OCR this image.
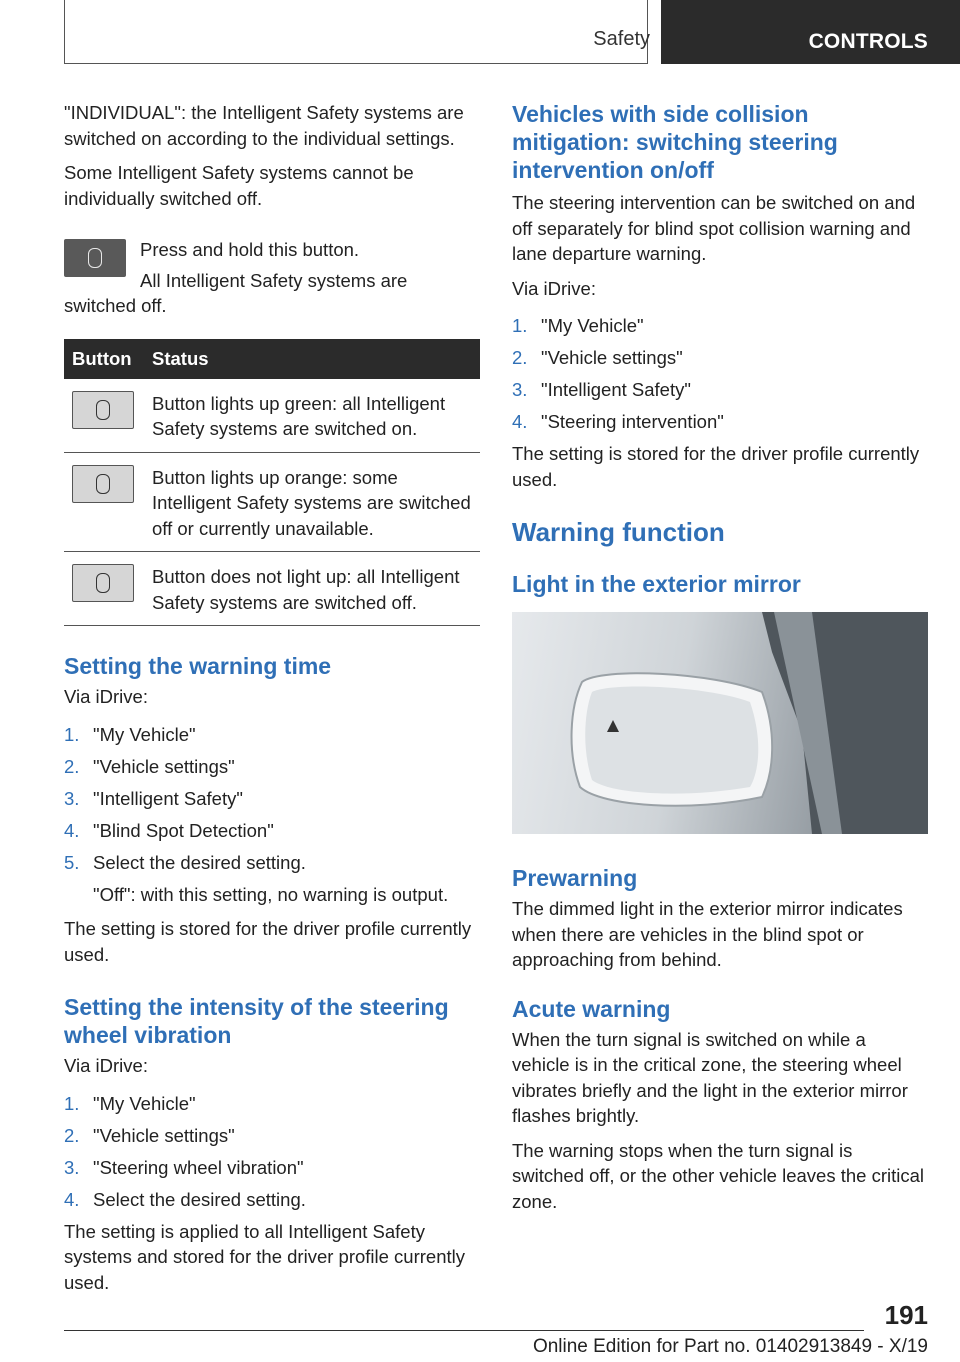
Safety	CONTROLS

"INDIVIDUAL": the Intelligent Safety systems are switched on according to the individual settings.

Some Intelligent Safety systems cannot be individually switched off.

Press and hold this button.

All Intelligent Safety systems are switched off.

Button	Status
	Button lights up green: all Intelligent Safety systems are switched on.
	Button lights up orange: some Intelligent Safety systems are switched off or currently unavailable.
	Button does not light up: all Intelligent Safety systems are switched off.
Setting the warning time

Via iDrive:

1. "My Vehicle"
2. "Vehicle settings"
3. "Intelligent Safety"
4. "Blind Spot Detection"
5. Select the desired setting.

"Off": with this setting, no warning is output.

The setting is stored for the driver profile currently used.

Setting the intensity of the steering wheel vibration

Via iDrive:

1. "My Vehicle"
2. "Vehicle settings"
3. "Steering wheel vibration"
4. Select the desired setting.

The setting is applied to all Intelligent Safety systems and stored for the driver profile currently used.

Vehicles with side collision mitigation: switching steering intervention on/off

The steering intervention can be switched on and off separately for blind spot collision warning and lane departure warning.

Via iDrive:

1. "My Vehicle"
2. "Vehicle settings"
3. "Intelligent Safety"
4. "Steering intervention"

The setting is stored for the driver profile currently used.

Warning function
Light in the exterior mirror
Prewarning

The dimmed light in the exterior mirror indicates when there are vehicles in the blind spot or approaching from behind.

Acute warning

When the turn signal is switched on while a vehicle is in the critical zone, the steering wheel vibrates briefly and the light in the exterior mirror flashes brightly.

The warning stops when the turn signal is switched off, or the other vehicle leaves the critical zone.

191
Online Edition for Part no. 01402913849 - X/19
